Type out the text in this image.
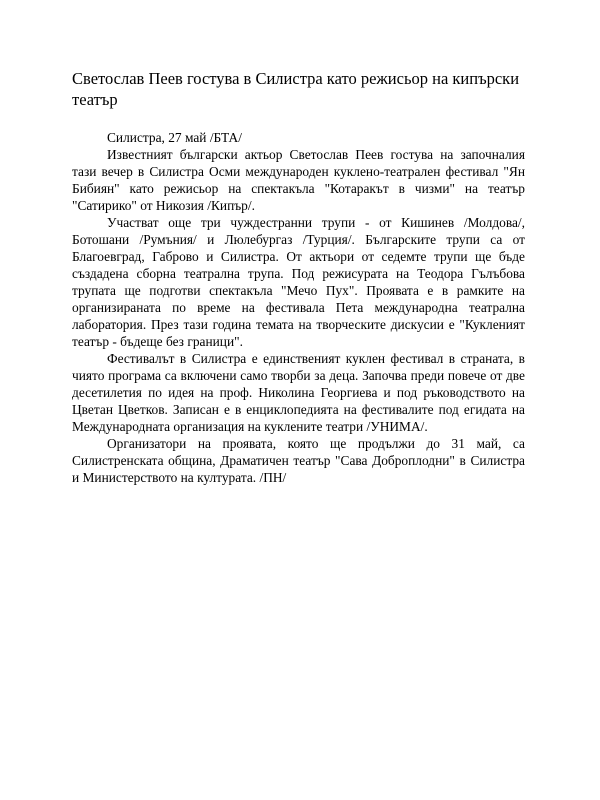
Светослав Пеев гостува в Силистра като режисьор на кипърски театър

Силистра, 27 май /БТА/

Известният български актьор Светослав Пеев гостува на започналия тази вечер в Силистра Осми международен куклено-театрален фестивал "Ян Бибиян" като режисьор на спектакъла "Котаракът в чизми" на театър "Сатирико" от Никозия /Кипър/.

Участват още три чуждестранни трупи - от Кишинев /Молдова/, Ботошани /Румъния/ и Люлебургаз /Турция/. Българските трупи са от Благоевград, Габрово и Силистра. От актьори от седемте трупи ще бъде създадена сборна театрална трупа. Под режисурата на Теодора Гълъбова трупата ще подготви спектакъла "Мечо Пух". Проявата е в рамките на организираната по време на фестивала Пета международна театрална лаборатория. През тази година темата на творческите дискусии е "Кукленият театър - бъдеще без граници".

Фестивалът в Силистра е единственият куклен фестивал в страната, в чиято програма са включени само творби за деца. Започва преди повече от две десетилетия по идея на проф. Николина Георгиева и под ръководството на Цветан Цветков. Записан е в енциклопедията на фестивалите под егидата на Международната организация на куклените театри /УНИМА/.

Организатори на проявата, която ще продължи до 31 май, са Силистренската община, Драматичен театър "Сава Доброплодни" в Силистра и Министерството на културата. /ПН/
